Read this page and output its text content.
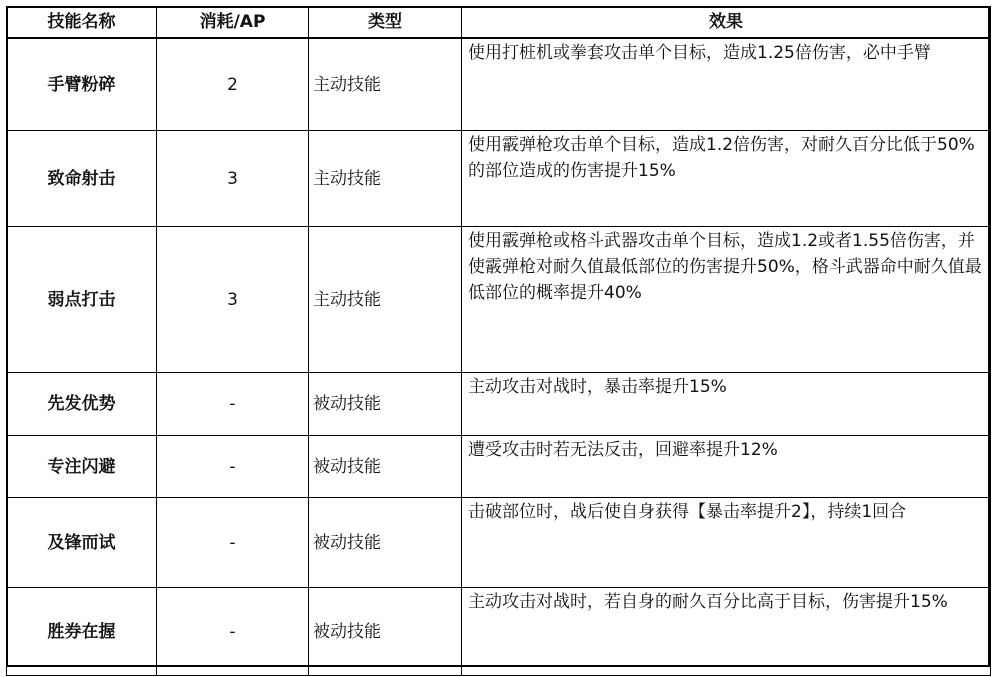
技能名称	消耗/AP	类型	效果
手臂粉碎	2	主动技能	使用打桩机或拳套攻击单个目标，造成1.25倍伤害，必中手臂
致命射击	3	主动技能	使用霰弹枪攻击单个目标，造成1.2倍伤害，对耐久百分比低于50%的部位造成的伤害提升15%
弱点打击	3	主动技能	使用霰弹枪或格斗武器攻击单个目标，造成1.2或者1.55倍伤害，并使霰弹枪对耐久值最低部位的伤害提升50%，格斗武器命中耐久值最低部位的概率提升40%
先发优势	-	被动技能	主动攻击对战时，暴击率提升15%
专注闪避	-	被动技能	遭受攻击时若无法反击，回避率提升12%
及锋而试	-	被动技能	击破部位时，战后使自身获得【暴击率提升2】，持续1回合
胜券在握	-	被动技能	主动攻击对战时，若自身的耐久百分比高于目标，伤害提升15%
